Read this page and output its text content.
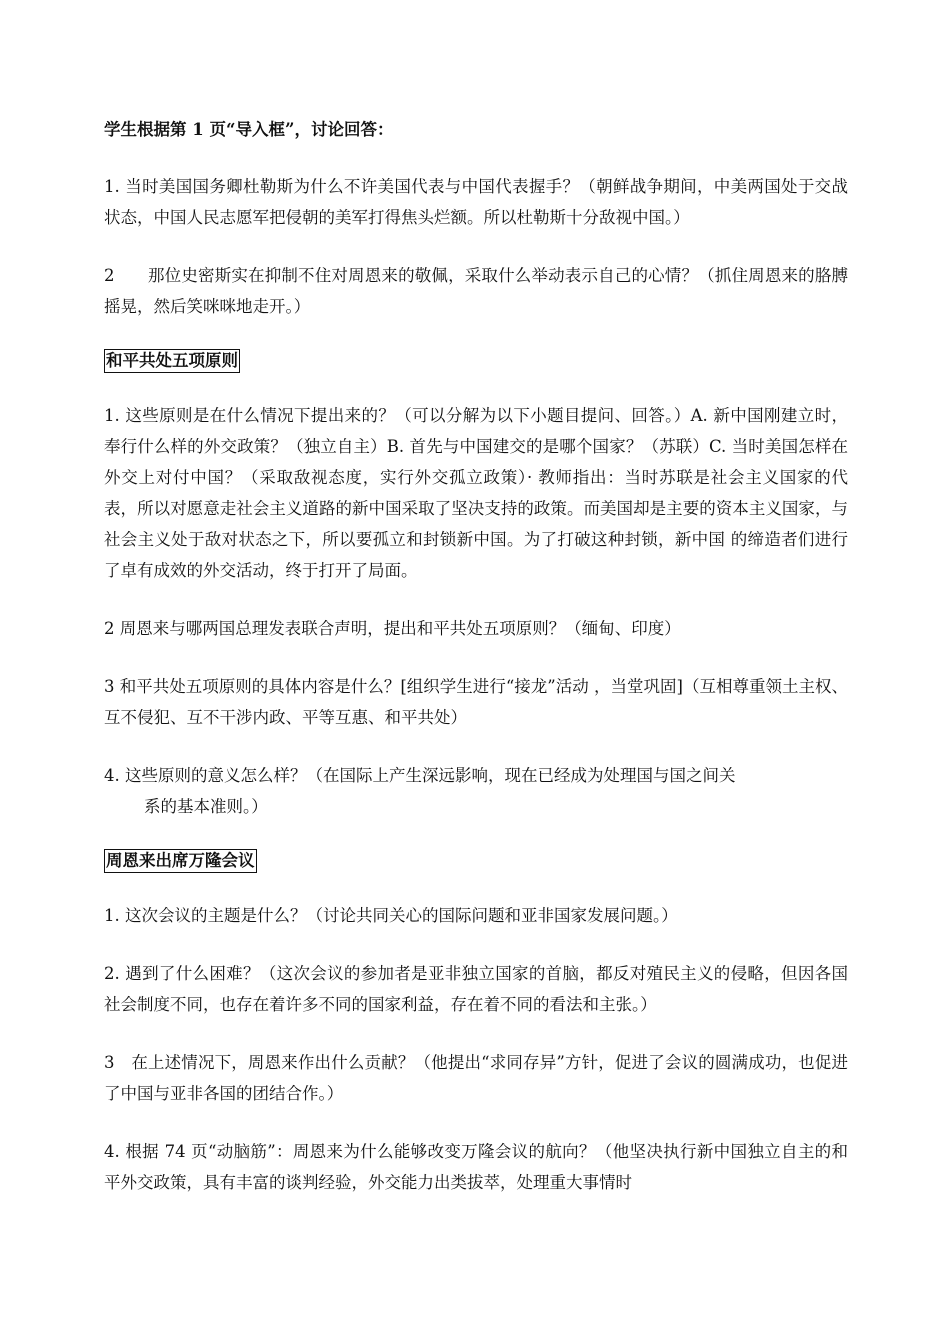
学生根据第 1 页“导入框”，讨论回答：

1. 当时美国国务卿杜勒斯为什么不许美国代表与中国代表握手？（朝鲜战争期间，中美两国处于交战状态，中国人民志愿军把侵朝的美军打得焦头烂额。所以杜勒斯十分敌视中国。）

2　　那位史密斯实在抑制不住对周恩来的敬佩，采取什么举动表示自己的心情？（抓住周恩来的胳膊摇晃，然后笑咪咪地走开。）

和平共处五项原则

1. 这些原则是在什么情况下提出来的？（可以分解为以下小题目提问、回答。）A. 新中国刚建立时，奉行什么样的外交政策？（独立自主）B. 首先与中国建交的是哪个国家？（苏联）C. 当时美国怎样在外交上对付中国？（采取敌视态度，实行外交孤立政策）· 教师指出：当时苏联是社会主义国家的代表，所以对愿意走社会主义道路的新中国采取了坚决支持的政策。而美国却是主要的资本主义国家，与社会主义处于敌对状态之下，所以要孤立和封锁新中国。为了打破这种封锁，新中国 的缔造者们进行了卓有成效的外交活动，终于打开了局面。

2 周恩来与哪两国总理发表联合声明，提出和平共处五项原则？（缅甸、印度）

3 和平共处五项原则的具体内容是什么？[组织学生进行“接龙”活动 ，当堂巩固]（互相尊重领土主权、互不侵犯、互不干涉内政、平等互惠、和平共处）

4. 这些原则的意义怎么样？（在国际上产生深远影响，现在已经成为处理国与国之间关
系的基本准则。）

周恩来出席万隆会议

1. 这次会议的主题是什么？（讨论共同关心的国际问题和亚非国家发展问题。）

2. 遇到了什么困难？（这次会议的参加者是亚非独立国家的首脑，都反对殖民主义的侵略，但因各国社会制度不同，也存在着许多不同的国家利益，存在着不同的看法和主张。）

3　在上述情况下，周恩来作出什么贡献？（他提出“求同存异”方针，促进了会议的圆满成功，也促进了中国与亚非各国的团结合作。）

4. 根据 74 页“动脑筋”：周恩来为什么能够改变万隆会议的航向？（他坚决执行新中国独立自主的和平外交政策，具有丰富的谈判经验，外交能力出类拔萃，处理重大事情时
